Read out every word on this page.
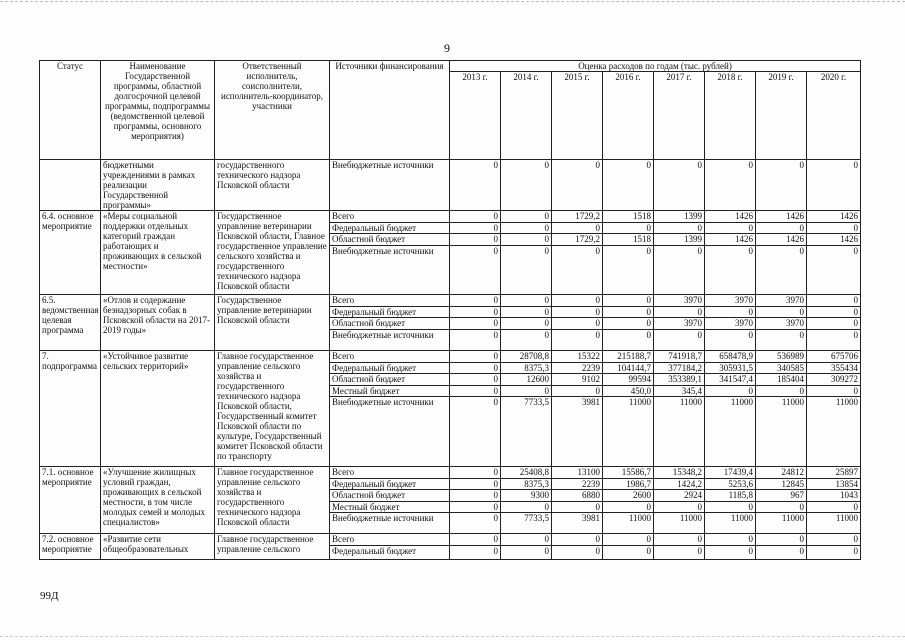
9
Статус	Наименование Государственной программы, областной долгосрочной целевой программы, подпрограммы (ведомственной целевой программы, основного мероприятия)	Ответственный исполнитель, соисполнители, исполнитель-координатор, участники	Источники финансирования	Оценка расходов по годам (тыс. рублей)							
				2013 г.	2014 г.	2015 г.	2016 г.	2017 г.	2018 г.	2019 г.	2020 г.
	бюджетными учреждениями в рамках реализации Государственной программы»	государственного технического надзора Псковской области	Внебюджетные источники	0	0	0	0	0	0	0	0
6.4. основное мероприятие	«Меры социальной поддержки отдельных категорий граждан работающих и проживающих в сельской местности»	Государственное управление ветеринарии Псковской области, Главное государственное управление сельского хозяйства и государственного технического надзора Псковской области	Всего	0	0	1729,2	1518	1399	1426	1426	1426
			Федеральный бюджет	0	0	0	0	0	0	0	0
			Областной бюджет	0	0	1729,2	1518	1399	1426	1426	1426
			Внебюджетные источники	0	0	0	0	0	0	0	0
6.5. ведомственная целевая программа	«Отлов и содержание безнадзорных собак в Псковской области на 2017-2019 годы»	Государственное управление ветеринарии Псковской области	Всего	0	0	0	0	3970	3970	3970	0
			Федеральный бюджет	0	0	0	0	0	0	0	0
			Областной бюджет	0	0	0	0	3970	3970	3970	0
			Внебюджетные источники	0	0	0	0	0	0	0	0
7. подпрограмма	«Устойчивое развитие сельских территорий»	Главное государственное управление сельского хозяйства и государственного технического надзора Псковской области, Государственный комитет Псковской области по культуре, Государственный комитет Псковской области по транспорту	Всего	0	28708,8	15322	215188,7	741918,7	658478,9	536989	675706
			Федеральный бюджет	0	8375,3	2239	104144,7	377184,2	305931,5	340585	355434
			Областной бюджет	0	12600	9102	99594	353389,1	341547,4	185404	309272
			Местный бюджет	0	0	0	450,0	345,4	0	0	0
			Внебюджетные источники	0	7733,5	3981	11000	11000	11000	11000	11000
7.1. основное мероприятие	«Улучшение жилищных условий граждан, проживающих в сельской местности, в том числе молодых семей и молодых специалистов»	Главное государственное управление сельского хозяйства и государственного технического надзора Псковской области	Всего	0	25408,8	13100	15586,7	15348,2	17439,4	24812	25897
			Федеральный бюджет	0	8375,3	2239	1986,7	1424,2	5253,6	12845	13854
			Областной бюджет	0	9300	6880	2600	2924	1185,8	967	1043
			Местный бюджет	0	0	0	0	0	0	0	0
			Внебюджетные источники	0	7733,5	3981	11000	11000	11000	11000	11000
7.2. основное мероприятие	«Развитие сети общеобразовательных	Главное государственное управление сельского	Всего	0	0	0	0	0	0	0	0
			Федеральный бюджет	0	0	0	0	0	0	0	0
99Д
